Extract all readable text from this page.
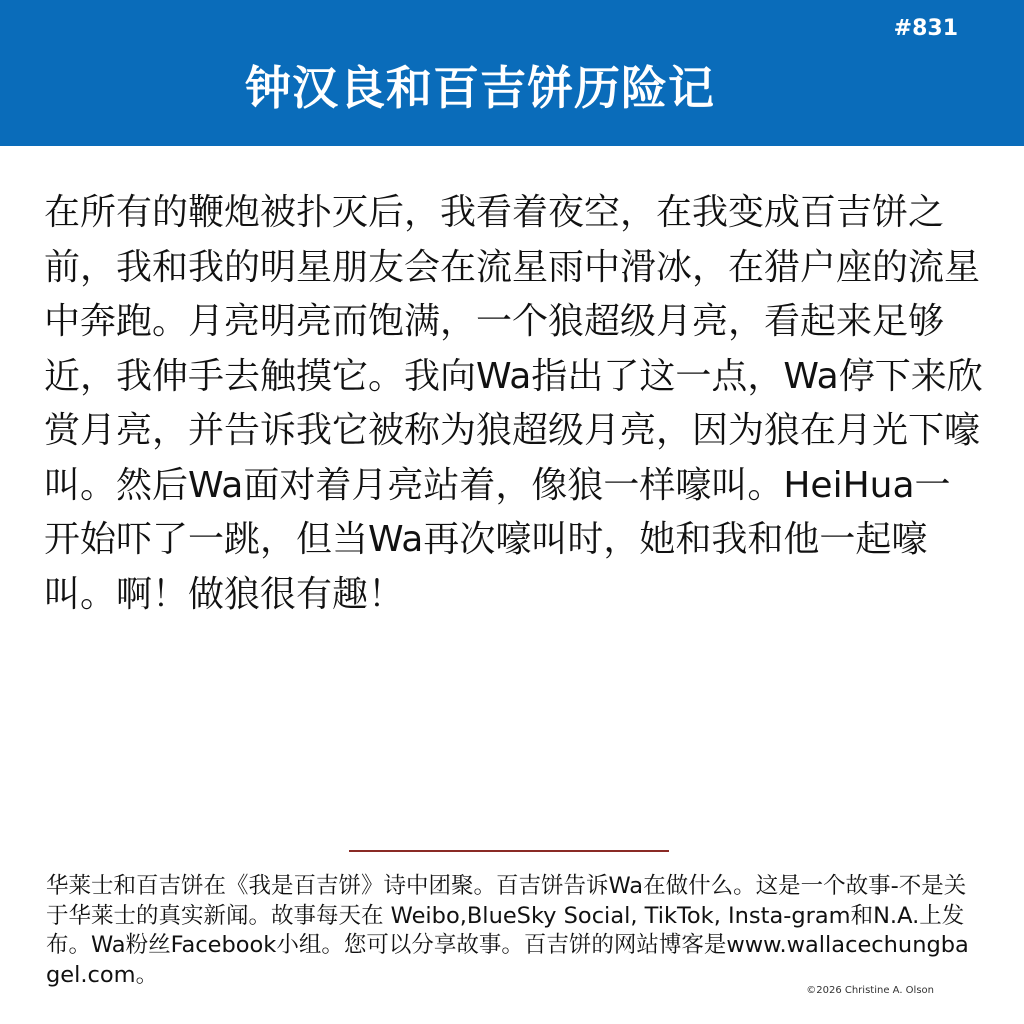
#831
钟汉良和百吉饼历险记

在所有的鞭炮被扑灭后，我看着夜空，在我变成百吉饼之前，我和我的明星朋友会在流星雨中滑冰，在猎户座的流星中奔跑。月亮明亮而饱满，一个狼超级月亮，看起来足够近，我伸手去触摸它。我向Wa指出了这一点，Wa停下来欣赏月亮，并告诉我它被称为狼超级月亮，因为狼在月光下嚎叫。然后Wa面对着月亮站着，像狼一样嚎叫。HeiHua一开始吓了一跳，但当Wa再次嚎叫时，她和我和他一起嚎叫。啊！做狼很有趣！

华莱士和百吉饼在《我是百吉饼》诗中团聚。百吉饼告诉Wa在做什么。这是一个故事-不是关于华莱士的真实新闻。故事每天在 Weibo,BlueSky Social, TikTok, Insta-gram和N.A.上发布。Wa粉丝Facebook小组。您可以分享故事。百吉饼的网站博客是www.wallacechungbagel.com。

©2026 Christine A. Olson
